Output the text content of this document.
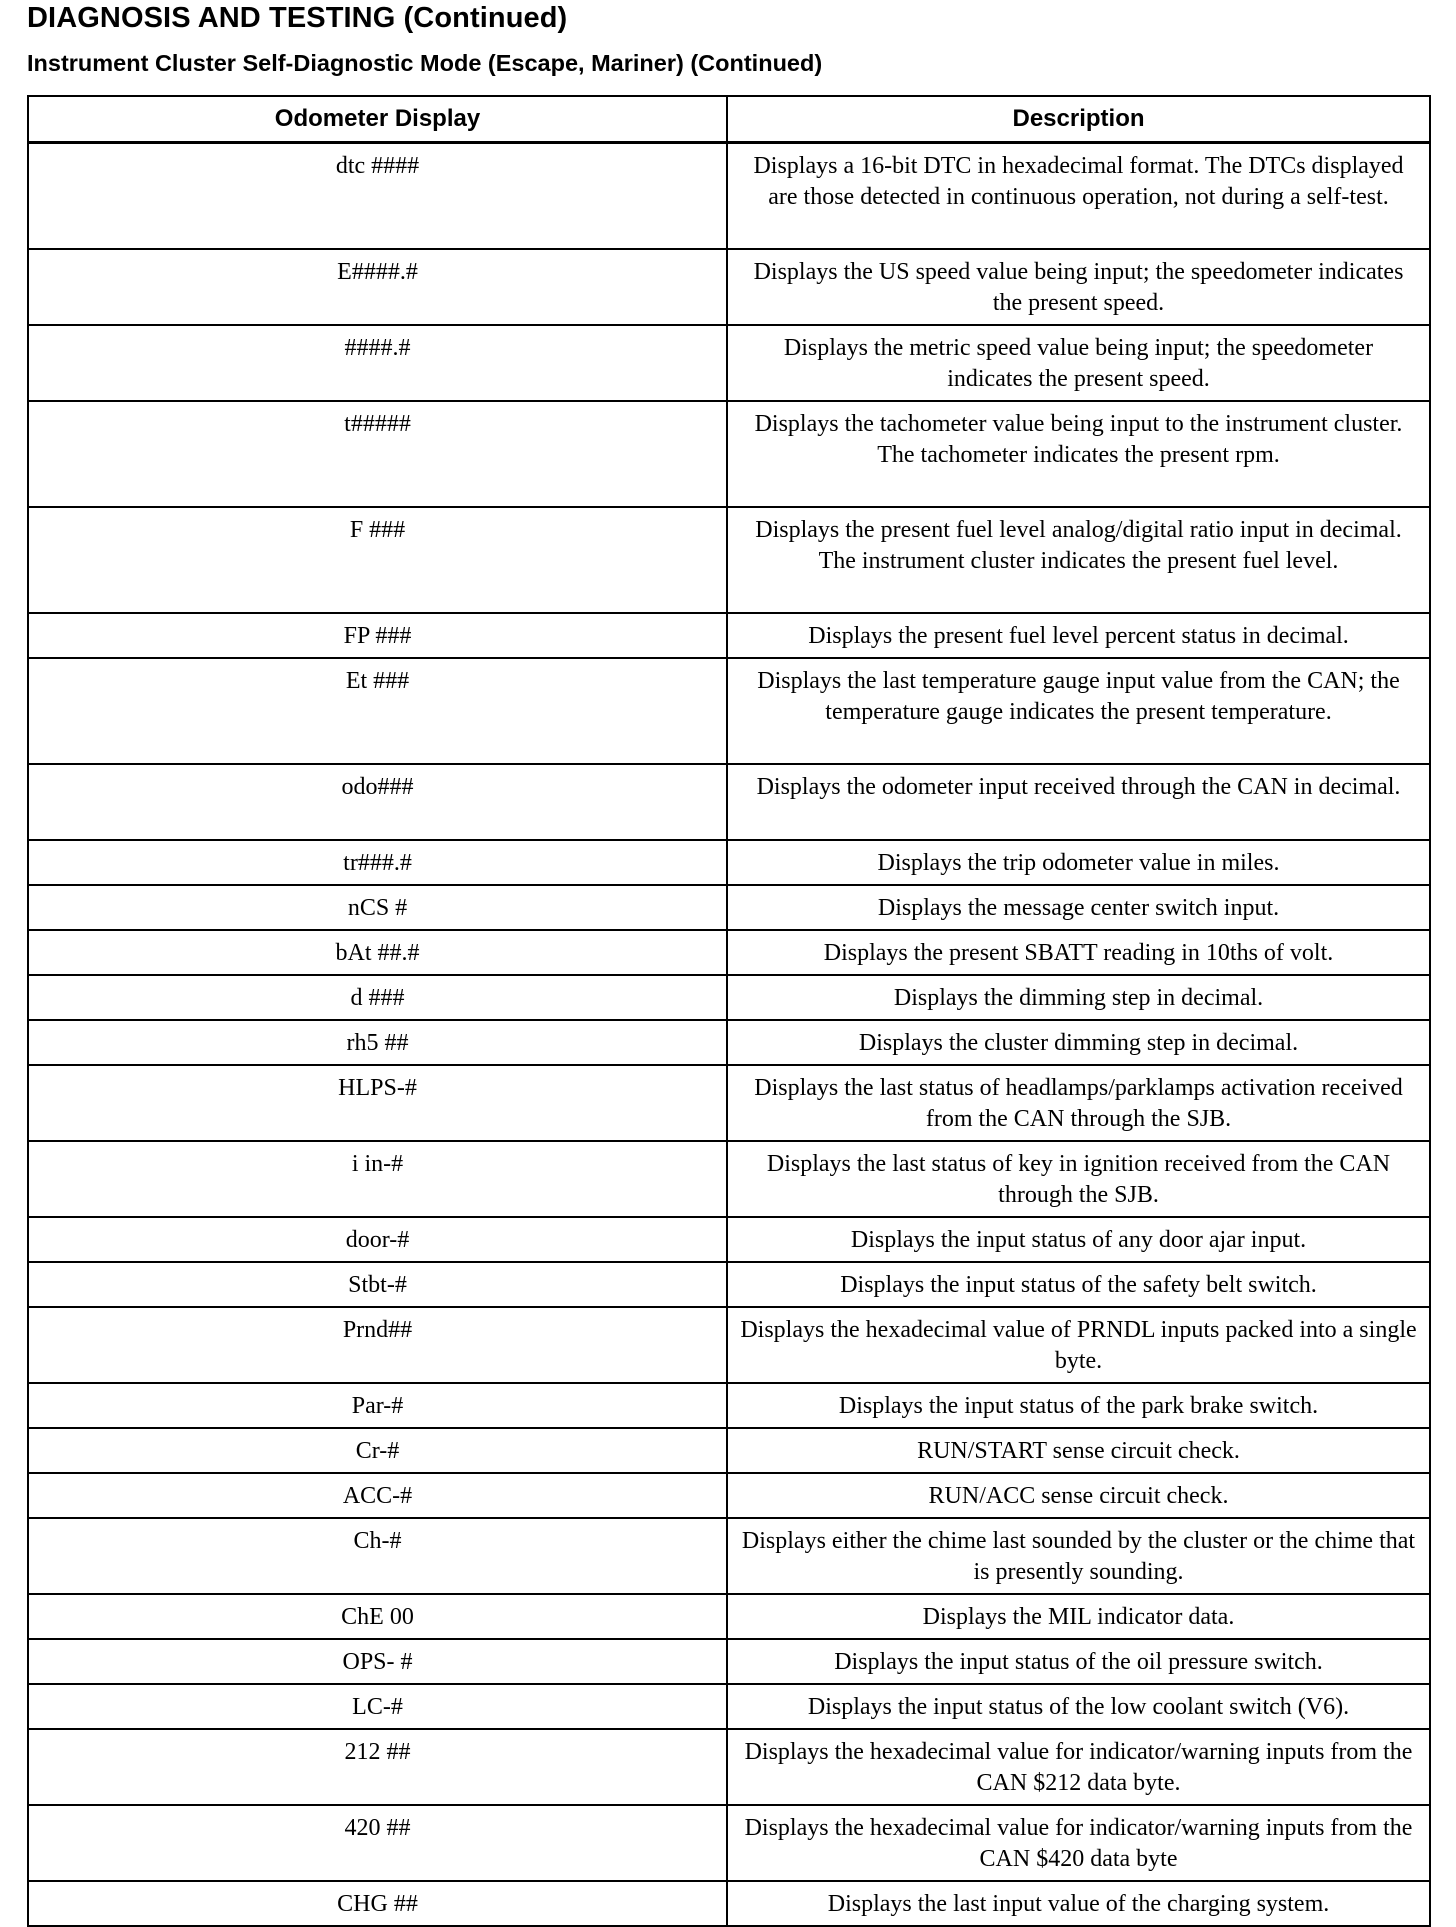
DIAGNOSIS AND TESTING (Continued)
Instrument Cluster Self-Diagnostic Mode (Escape, Mariner) (Continued)
Odometer Display	Description
dtc ####	Displays a 16-bit DTC in hexadecimal format. The DTCs displayed are those detected in continuous operation, not during a self-test.
E####.#	Displays the US speed value being input; the speedometer indicates the present speed.
####.#	Displays the metric speed value being input; the speedometer indicates the present speed.
t#####	Displays the tachometer value being input to the instrument cluster. The tachometer indicates the present rpm.
F ###	Displays the present fuel level analog/digital ratio input in decimal. The instrument cluster indicates the present fuel level.
FP ###	Displays the present fuel level percent status in decimal.
Et ###	Displays the last temperature gauge input value from the CAN; the temperature gauge indicates the present temperature.
odo###	Displays the odometer input received through the CAN in decimal.
tr###.#	Displays the trip odometer value in miles.
nCS #	Displays the message center switch input.
bAt ##.#	Displays the present SBATT reading in 10ths of volt.
d ###	Displays the dimming step in decimal.
rh5 ##	Displays the cluster dimming step in decimal.
HLPS-#	Displays the last status of headlamps/parklamps activation received from the CAN through the SJB.
i in-#	Displays the last status of key in ignition received from the CAN through the SJB.
door-#	Displays the input status of any door ajar input.
Stbt-#	Displays the input status of the safety belt switch.
Prnd##	Displays the hexadecimal value of PRNDL inputs packed into a single byte.
Par-#	Displays the input status of the park brake switch.
Cr-#	RUN/START sense circuit check.
ACC-#	RUN/ACC sense circuit check.
Ch-#	Displays either the chime last sounded by the cluster or the chime that is presently sounding.
ChE 00	Displays the MIL indicator data.
OPS- #	Displays the input status of the oil pressure switch.
LC-#	Displays the input status of the low coolant switch (V6).
212 ##	Displays the hexadecimal value for indicator/warning inputs from the CAN $212 data byte.
420 ##	Displays the hexadecimal value for indicator/warning inputs from the CAN $420 data byte
CHG ##	Displays the last input value of the charging system.
